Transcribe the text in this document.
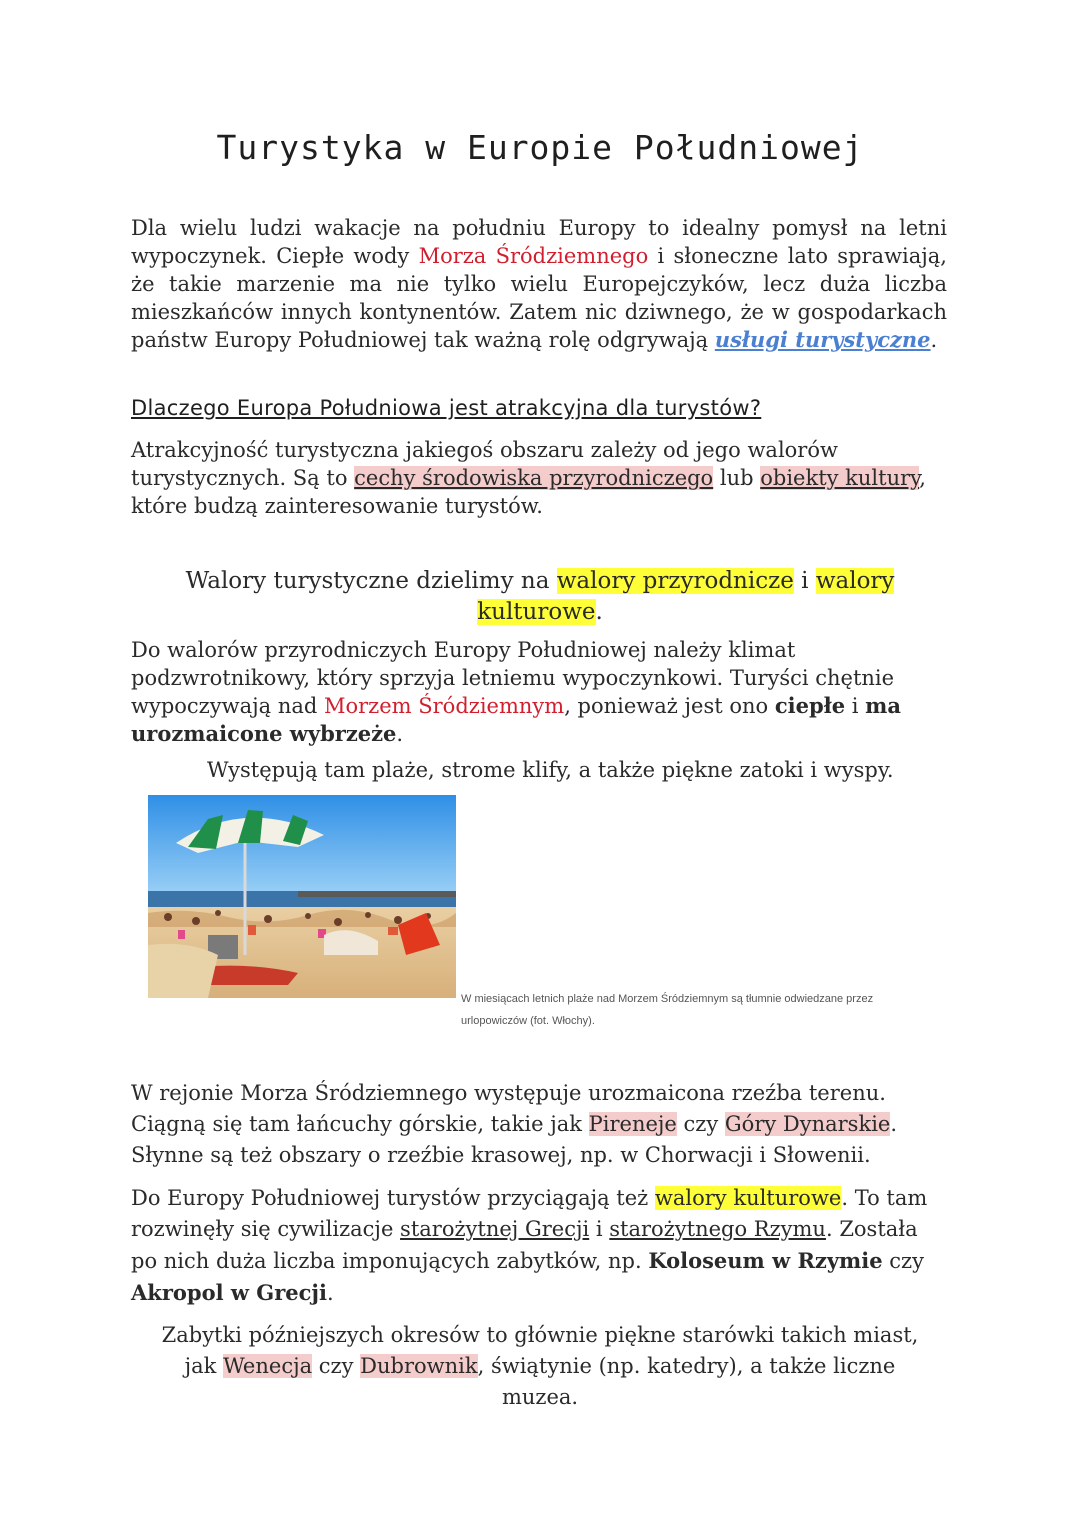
Turystyka w Europie Południowej

Dla wielu ludzi wakacje na południu Europy to idealny pomysł na letni wypoczynek. Ciepłe wody Morza Śródziemnego i słoneczne lato sprawiają, że takie marzenie ma nie tylko wielu Europejczyków, lecz duża liczba mieszkańców innych kontynentów. Zatem nic dziwnego, że w gospodarkach państw Europy Południowej tak ważną rolę odgrywają usługi turystyczne.

Dlaczego Europa Południowa jest atrakcyjna dla turystów?

Atrakcyjność turystyczna jakiegoś obszaru zależy od jego walorów turystycznych. Są to cechy środowiska przyrodniczego lub obiekty kultury, które budzą zainteresowanie turystów.

Walory turystyczne dzielimy na walory przyrodnicze i walory
kulturowe.

Do walorów przyrodniczych Europy Południowej należy klimat podzwrotnikowy, który sprzyja letniemu wypoczynkowi. Turyści chętnie wypoczywają nad Morzem Śródziemnym, ponieważ jest ono ciepłe i ma urozmaicone wybrzeże.

Występują tam plaże, strome klify, a także piękne zatoki i wyspy.

W miesiącach letnich plaże nad Morzem Śródziemnym są tłumnie odwiedzane przez urlopowiczów (fot. Włochy).

W rejonie Morza Śródziemnego występuje urozmaicona rzeźba terenu. Ciągną się tam łańcuchy górskie, takie jak Pireneje czy Góry Dynarskie. Słynne są też obszary o rzeźbie krasowej, np. w Chorwacji i Słowenii.

Do Europy Południowej turystów przyciągają też walory kulturowe. To tam rozwinęły się cywilizacje starożytnej Grecji i starożytnego Rzymu. Została po nich duża liczba imponujących zabytków, np. Koloseum w Rzymie czy Akropol w Grecji.

Zabytki późniejszych okresów to głównie piękne starówki takich miast, jak Wenecja czy Dubrownik, świątynie (np. katedry), a także liczne muzea.
